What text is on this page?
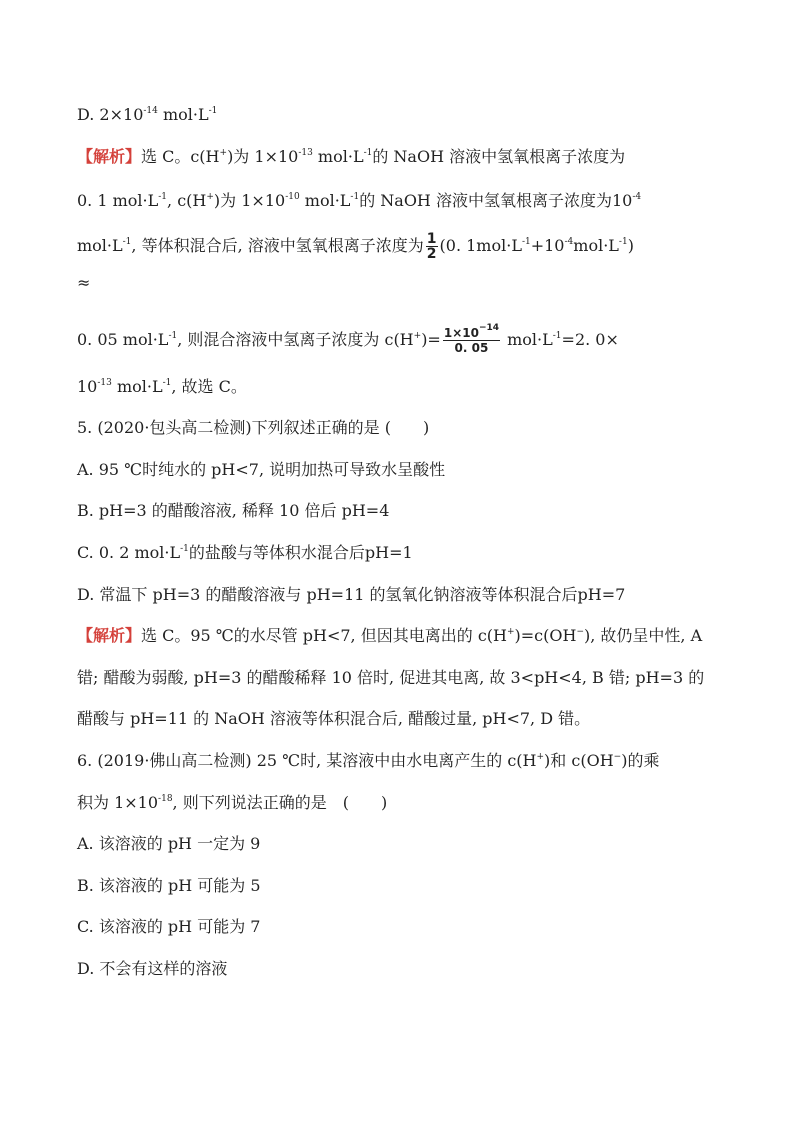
D. $2\times 10^{-14}$ $mol\cdot L^{-1}$
【解析】选 C。c(H+)为 $1\times 10^{-13}$ $mol\cdot L^{-1}$的 NaOH 溶液中氢氧根离子浓度为
0. 1 $mol\cdot L^{-1}$, c(H+)为 $1\times 10^{-10}$ $mol\cdot L^{-1}$的 NaOH 溶液中氢氧根离子浓度为$10^{-4}$
$mol\cdot L^{-1}$, 等体积混合后, 溶液中氢氧根离子浓度为 $\frac{1}{2} (0$. $1mol\cdot L^{-1}+10^{-4}mol\cdot L^{-1}$)
≈
0. 05 $mol\cdot L^{-1}$, 则混合溶液中氢离子浓度为 $c(H^+)= \frac{1\times 10^{-14}}{0. 05} mol\cdot L^{-1}=2$. 0×
$10^{-13}$ $mol\cdot L^{-1}$, 故选 C。
5. (2020·包头高二检测)下列叙述正确的是 (　　)
A. 95 ℃时纯水的 pH<7, 说明加热可导致水呈酸性
B. pH=3 的醋酸溶液, 稀释 10 倍后 pH=4
C. 0. 2 $mol\cdot L^{-1}$的盐酸与等体积水混合后pH=1
D. 常温下 pH=3 的醋酸溶液与 pH=11 的氢氧化钠溶液等体积混合后pH=7
【解析】选 C。95 ℃的水尽管 pH<7, 但因其电离出的 c(H+)=c(OH−), 故仍呈中性, A
错; 醋酸为弱酸, pH=3 的醋酸稀释 10 倍时, 促进其电离, 故 3<pH<4, B 错; pH=3 的
醋酸与 pH=11 的 NaOH 溶液等体积混合后, 醋酸过量, pH<7, D 错。
6. (2019·佛山高二检测) 25 ℃时, 某溶液中由水电离产生的 c(H+)和 c(OH−)的乘
积为 $1\times 10^{-18}$, 则下列说法正确的是　(　　)
A. 该溶液的 pH 一定为 9
B. 该溶液的 pH 可能为 5
C. 该溶液的 pH 可能为 7
D. 不会有这样的溶液
